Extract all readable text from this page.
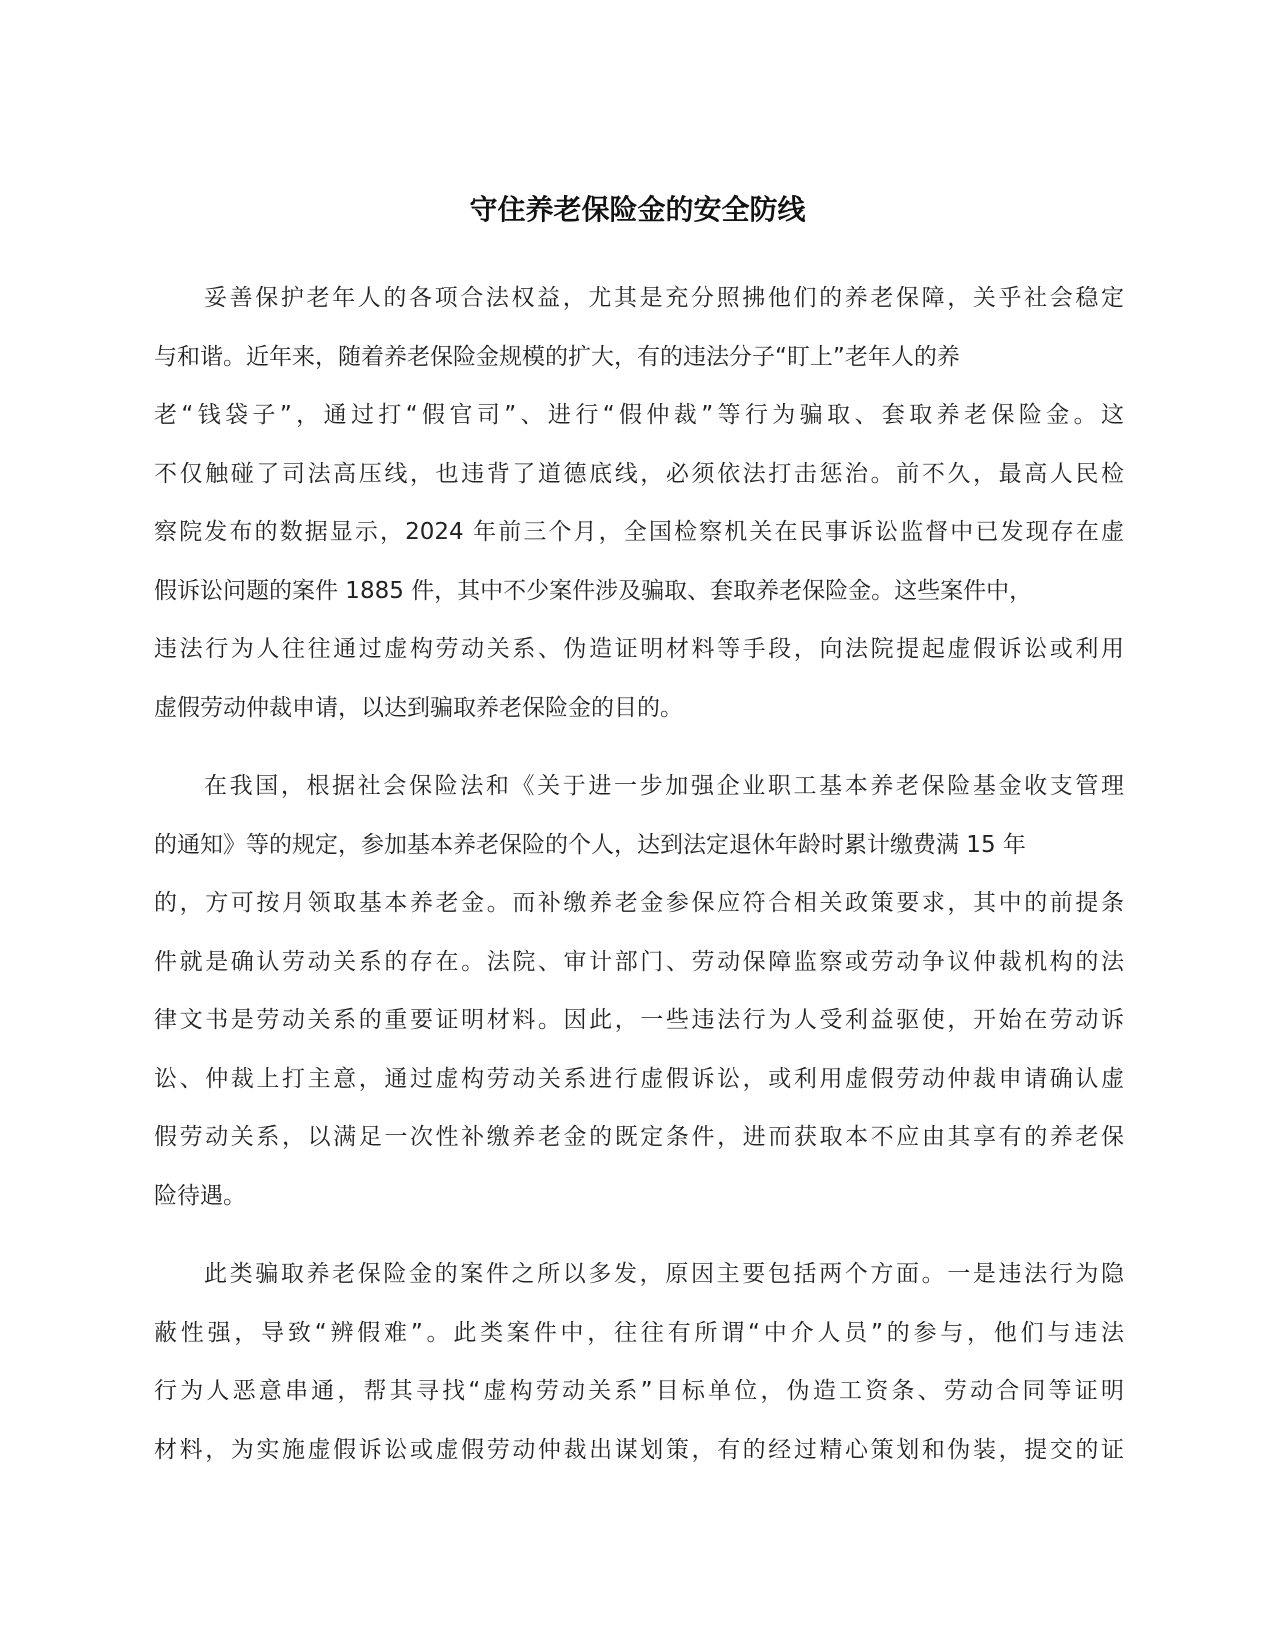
守住养老保险金的安全防线

妥善保护老年人的各项合法权益，尤其是充分照拂他们的养老保障，关乎社会稳定
与和谐。近年来，随着养老保险金规模的扩大，有的违法分子“盯上”老年人的养
老“钱袋子”，通过打“假官司”、进行“假仲裁”等行为骗取、套取养老保险金。这
不仅触碰了司法高压线，也违背了道德底线，必须依法打击惩治。前不久，最高人民检
察院发布的数据显示，2024 年前三个月，全国检察机关在民事诉讼监督中已发现存在虚
假诉讼问题的案件 1885 件，其中不少案件涉及骗取、套取养老保险金。这些案件中，
违法行为人往往通过虚构劳动关系、伪造证明材料等手段，向法院提起虚假诉讼或利用
虚假劳动仲裁申请，以达到骗取养老保险金的目的。

在我国，根据社会保险法和《关于进一步加强企业职工基本养老保险基金收支管理
的通知》等的规定，参加基本养老保险的个人，达到法定退休年龄时累计缴费满 15 年
的，方可按月领取基本养老金。而补缴养老金参保应符合相关政策要求，其中的前提条
件就是确认劳动关系的存在。法院、审计部门、劳动保障监察或劳动争议仲裁机构的法
律文书是劳动关系的重要证明材料。因此，一些违法行为人受利益驱使，开始在劳动诉
讼、仲裁上打主意，通过虚构劳动关系进行虚假诉讼，或利用虚假劳动仲裁申请确认虚
假劳动关系，以满足一次性补缴养老金的既定条件，进而获取本不应由其享有的养老保
险待遇。

此类骗取养老保险金的案件之所以多发，原因主要包括两个方面。一是违法行为隐
蔽性强，导致“辨假难”。此类案件中，往往有所谓“中介人员”的参与，他们与违法
行为人恶意串通，帮其寻找“虚构劳动关系”目标单位，伪造工资条、劳动合同等证明
材料，为实施虚假诉讼或虚假劳动仲裁出谋划策，有的经过精心策划和伪装，提交的证
